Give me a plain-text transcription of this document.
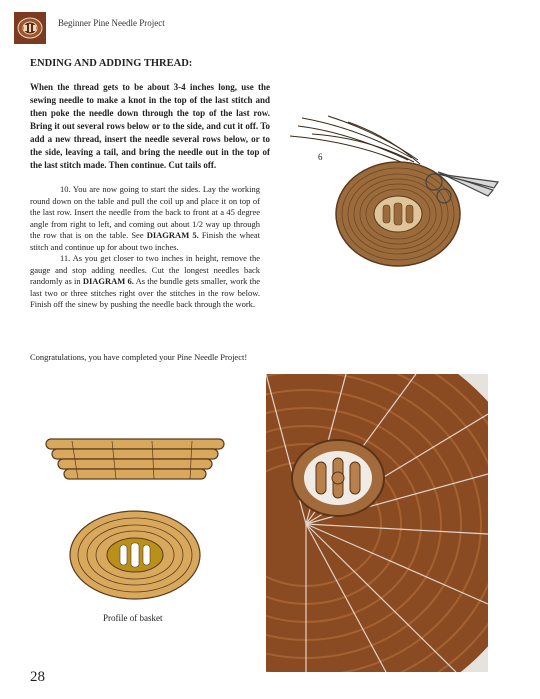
Beginner Pine Needle Project
ENDING AND ADDING THREAD:
When the thread gets to be about 3-4 inches long, use the sewing needle to make a knot in the top of the last stitch and then poke the needle down through the top of the last row. Bring it out several rows below or to the side, and cut it off. To add a new thread, insert the needle several rows below, or to the side, leaving a tail, and bring the needle out in the top of the last stitch made. Then continue. Cut tails off.

10. You are now going to start the sides. Lay the working round down on the table and pull the coil up and place it on top of the last row. Insert the needle from the back to front at a 45 degree angle from right to left, and coming out about 1/2 way up through the row that is on the table. See DIAGRAM 5. Finish the wheat stitch and continue up for about two inches.

11. As you get closer to two inches in height, remove the gauge and stop adding needles. Cut the longest needles back randomly as in DIAGRAM 6. As the bundle gets smaller, work the last two or three stitches right over the stitches in the row below. Finish off the sinew by pushing the needle back through the work.

Congratulations, you have completed your Pine Needle Project!
6
Profile of basket
28
